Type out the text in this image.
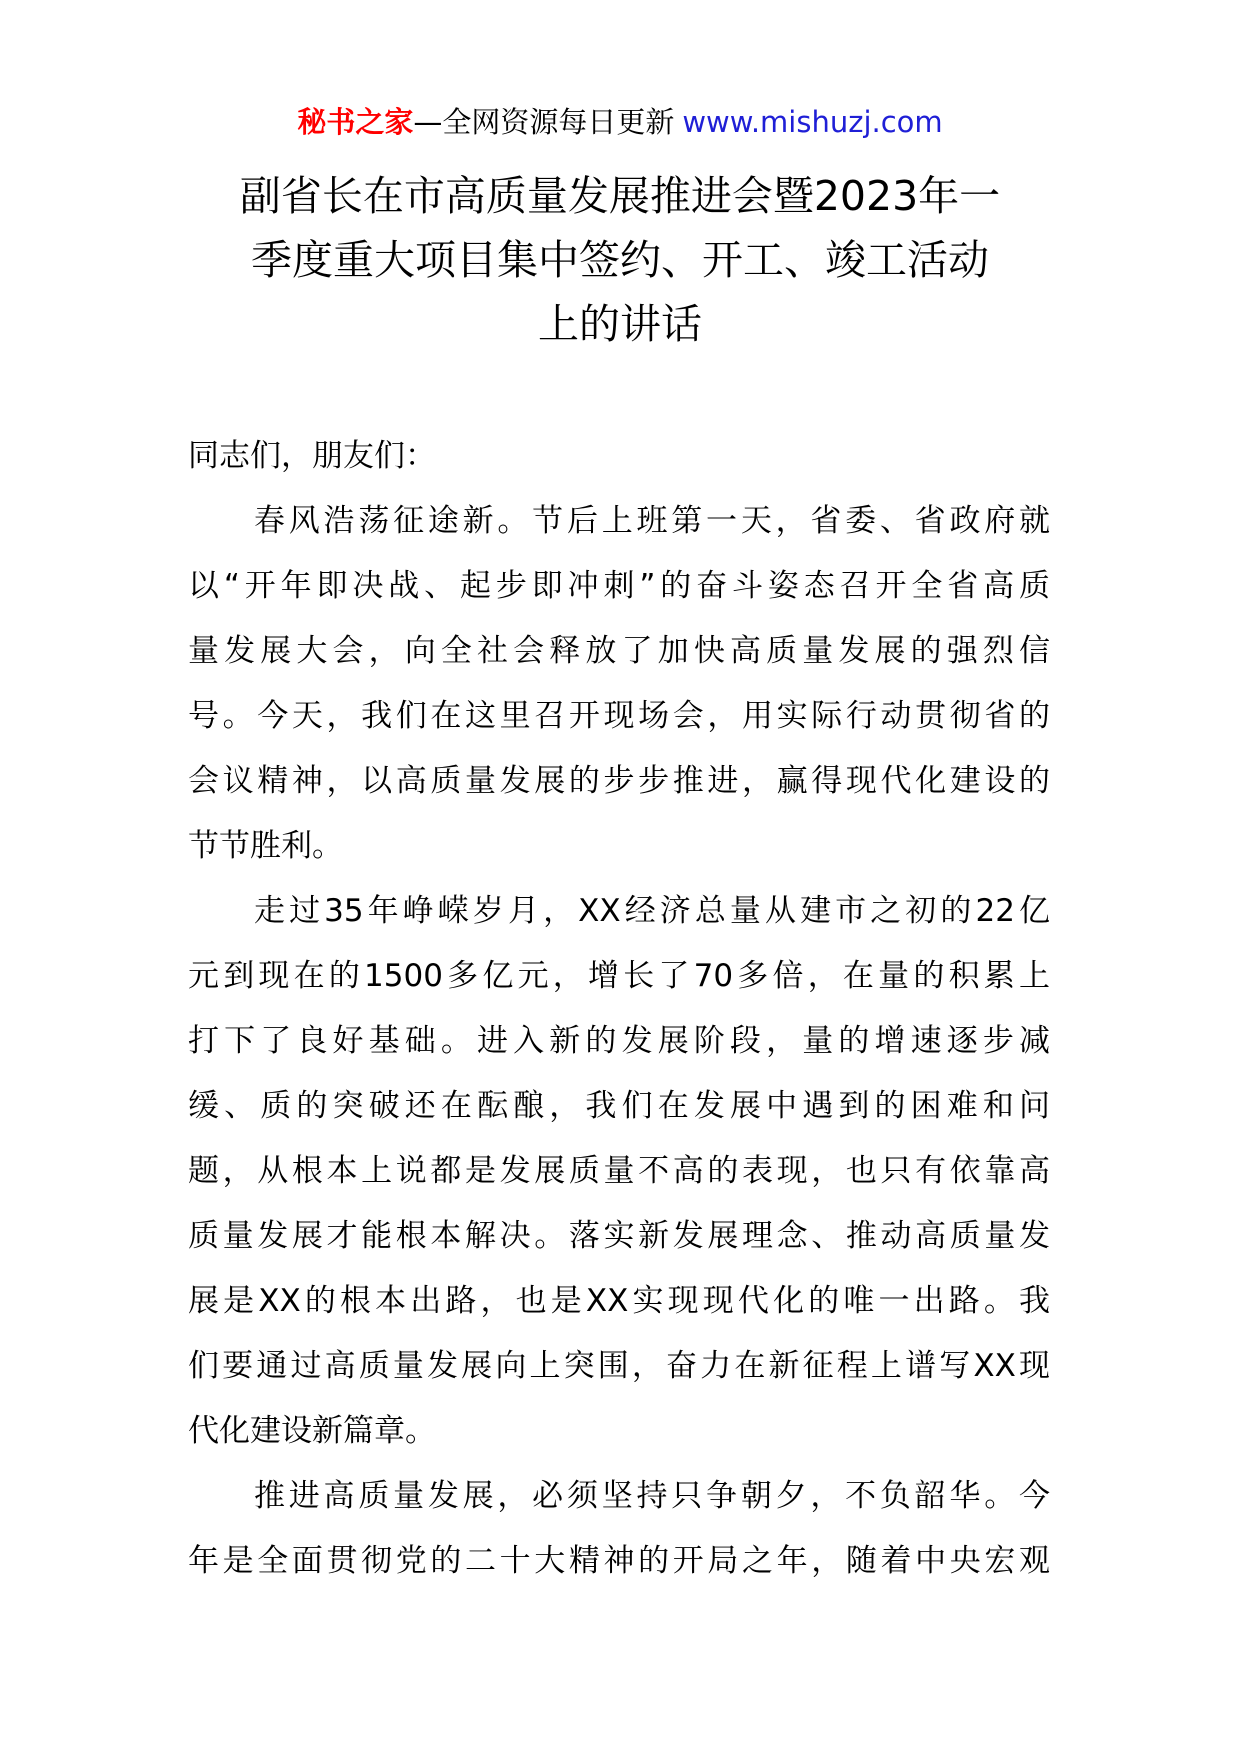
秘书之家—全网资源每日更新 www.mishuzj.com
副省长在市高质量发展推进会暨2023年一
季度重大项目集中签约、开工、竣工活动
上的讲话
同志们，朋友们：
春风浩荡征途新。节后上班第一天，省委、省政府就
以“开年即决战、起步即冲刺”的奋斗姿态召开全省高质
量发展大会，向全社会释放了加快高质量发展的强烈信
号。今天，我们在这里召开现场会，用实际行动贯彻省的
会议精神，以高质量发展的步步推进，赢得现代化建设的
节节胜利。
走过35年峥嵘岁月，XX经济总量从建市之初的22亿
元到现在的1500多亿元，增长了70多倍，在量的积累上
打下了良好基础。进入新的发展阶段，量的增速逐步减
缓、质的突破还在酝酿，我们在发展中遇到的困难和问
题，从根本上说都是发展质量不高的表现，也只有依靠高
质量发展才能根本解决。落实新发展理念、推动高质量发
展是XX的根本出路，也是XX实现现代化的唯一出路。我
们要通过高质量发展向上突围，奋力在新征程上谱写XX现
代化建设新篇章。
推进高质量发展，必须坚持只争朝夕，不负韶华。今
年是全面贯彻党的二十大精神的开局之年，随着中央宏观
